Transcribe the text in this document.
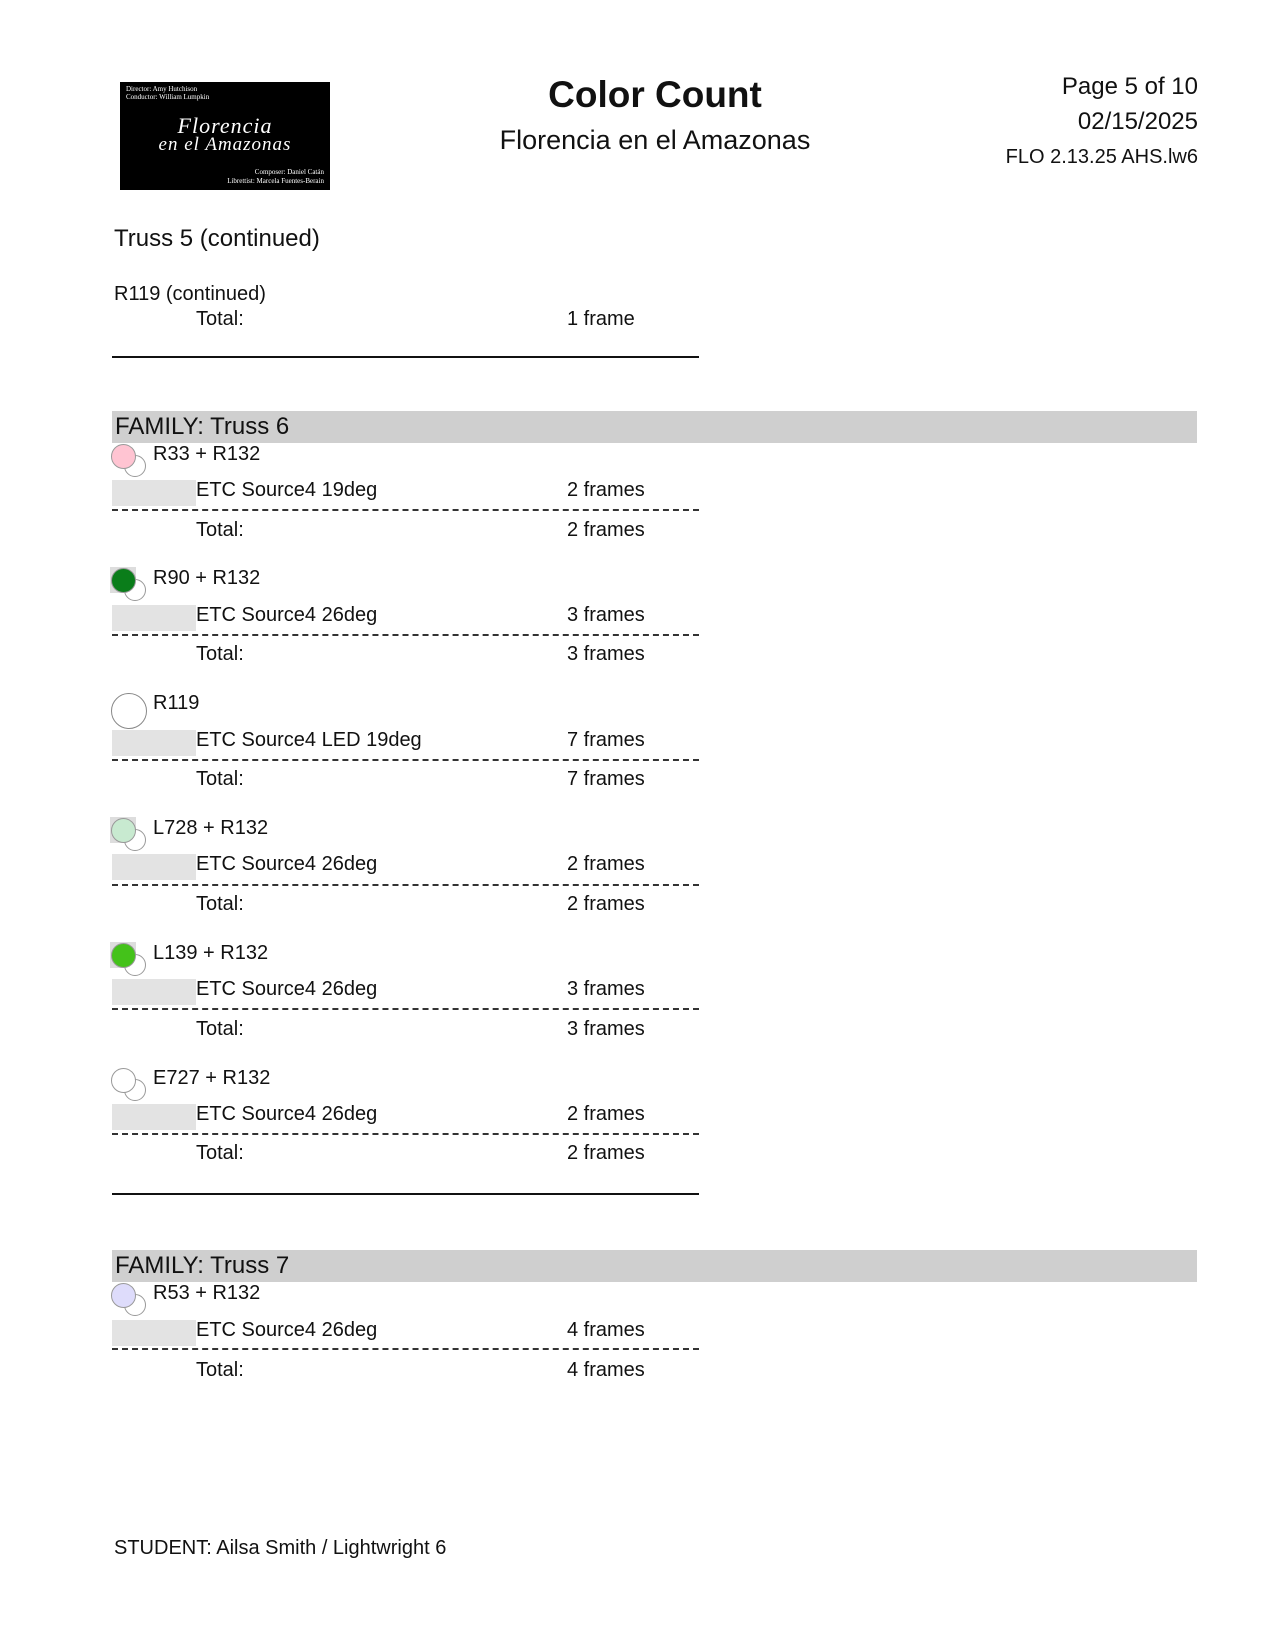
Director: Amy Hutchison
Conductor: William Lumpkin
Florencia
en el Amazonas
Composer: Daniel Catán
Librettist: Marcela Fuentes-Berain
Color Count
Florencia en el Amazonas
Page 5 of 10
02/15/2025
FLO 2.13.25 AHS.lw6
Truss 5 (continued)
R119 (continued)
Total:	1 frame
FAMILY: Truss 6
R33 + R132
ETC Source4 19deg	2 frames
Total:	2 frames
R90 + R132
ETC Source4 26deg	3 frames
Total:	3 frames
R119
ETC Source4 LED 19deg	7 frames
Total:	7 frames
L728 + R132
ETC Source4 26deg	2 frames
Total:	2 frames
L139 + R132
ETC Source4 26deg	3 frames
Total:	3 frames
E727 + R132
ETC Source4 26deg	2 frames
Total:	2 frames
FAMILY: Truss 7
R53 + R132
ETC Source4 26deg	4 frames
Total:	4 frames
STUDENT: Ailsa Smith / Lightwright 6
